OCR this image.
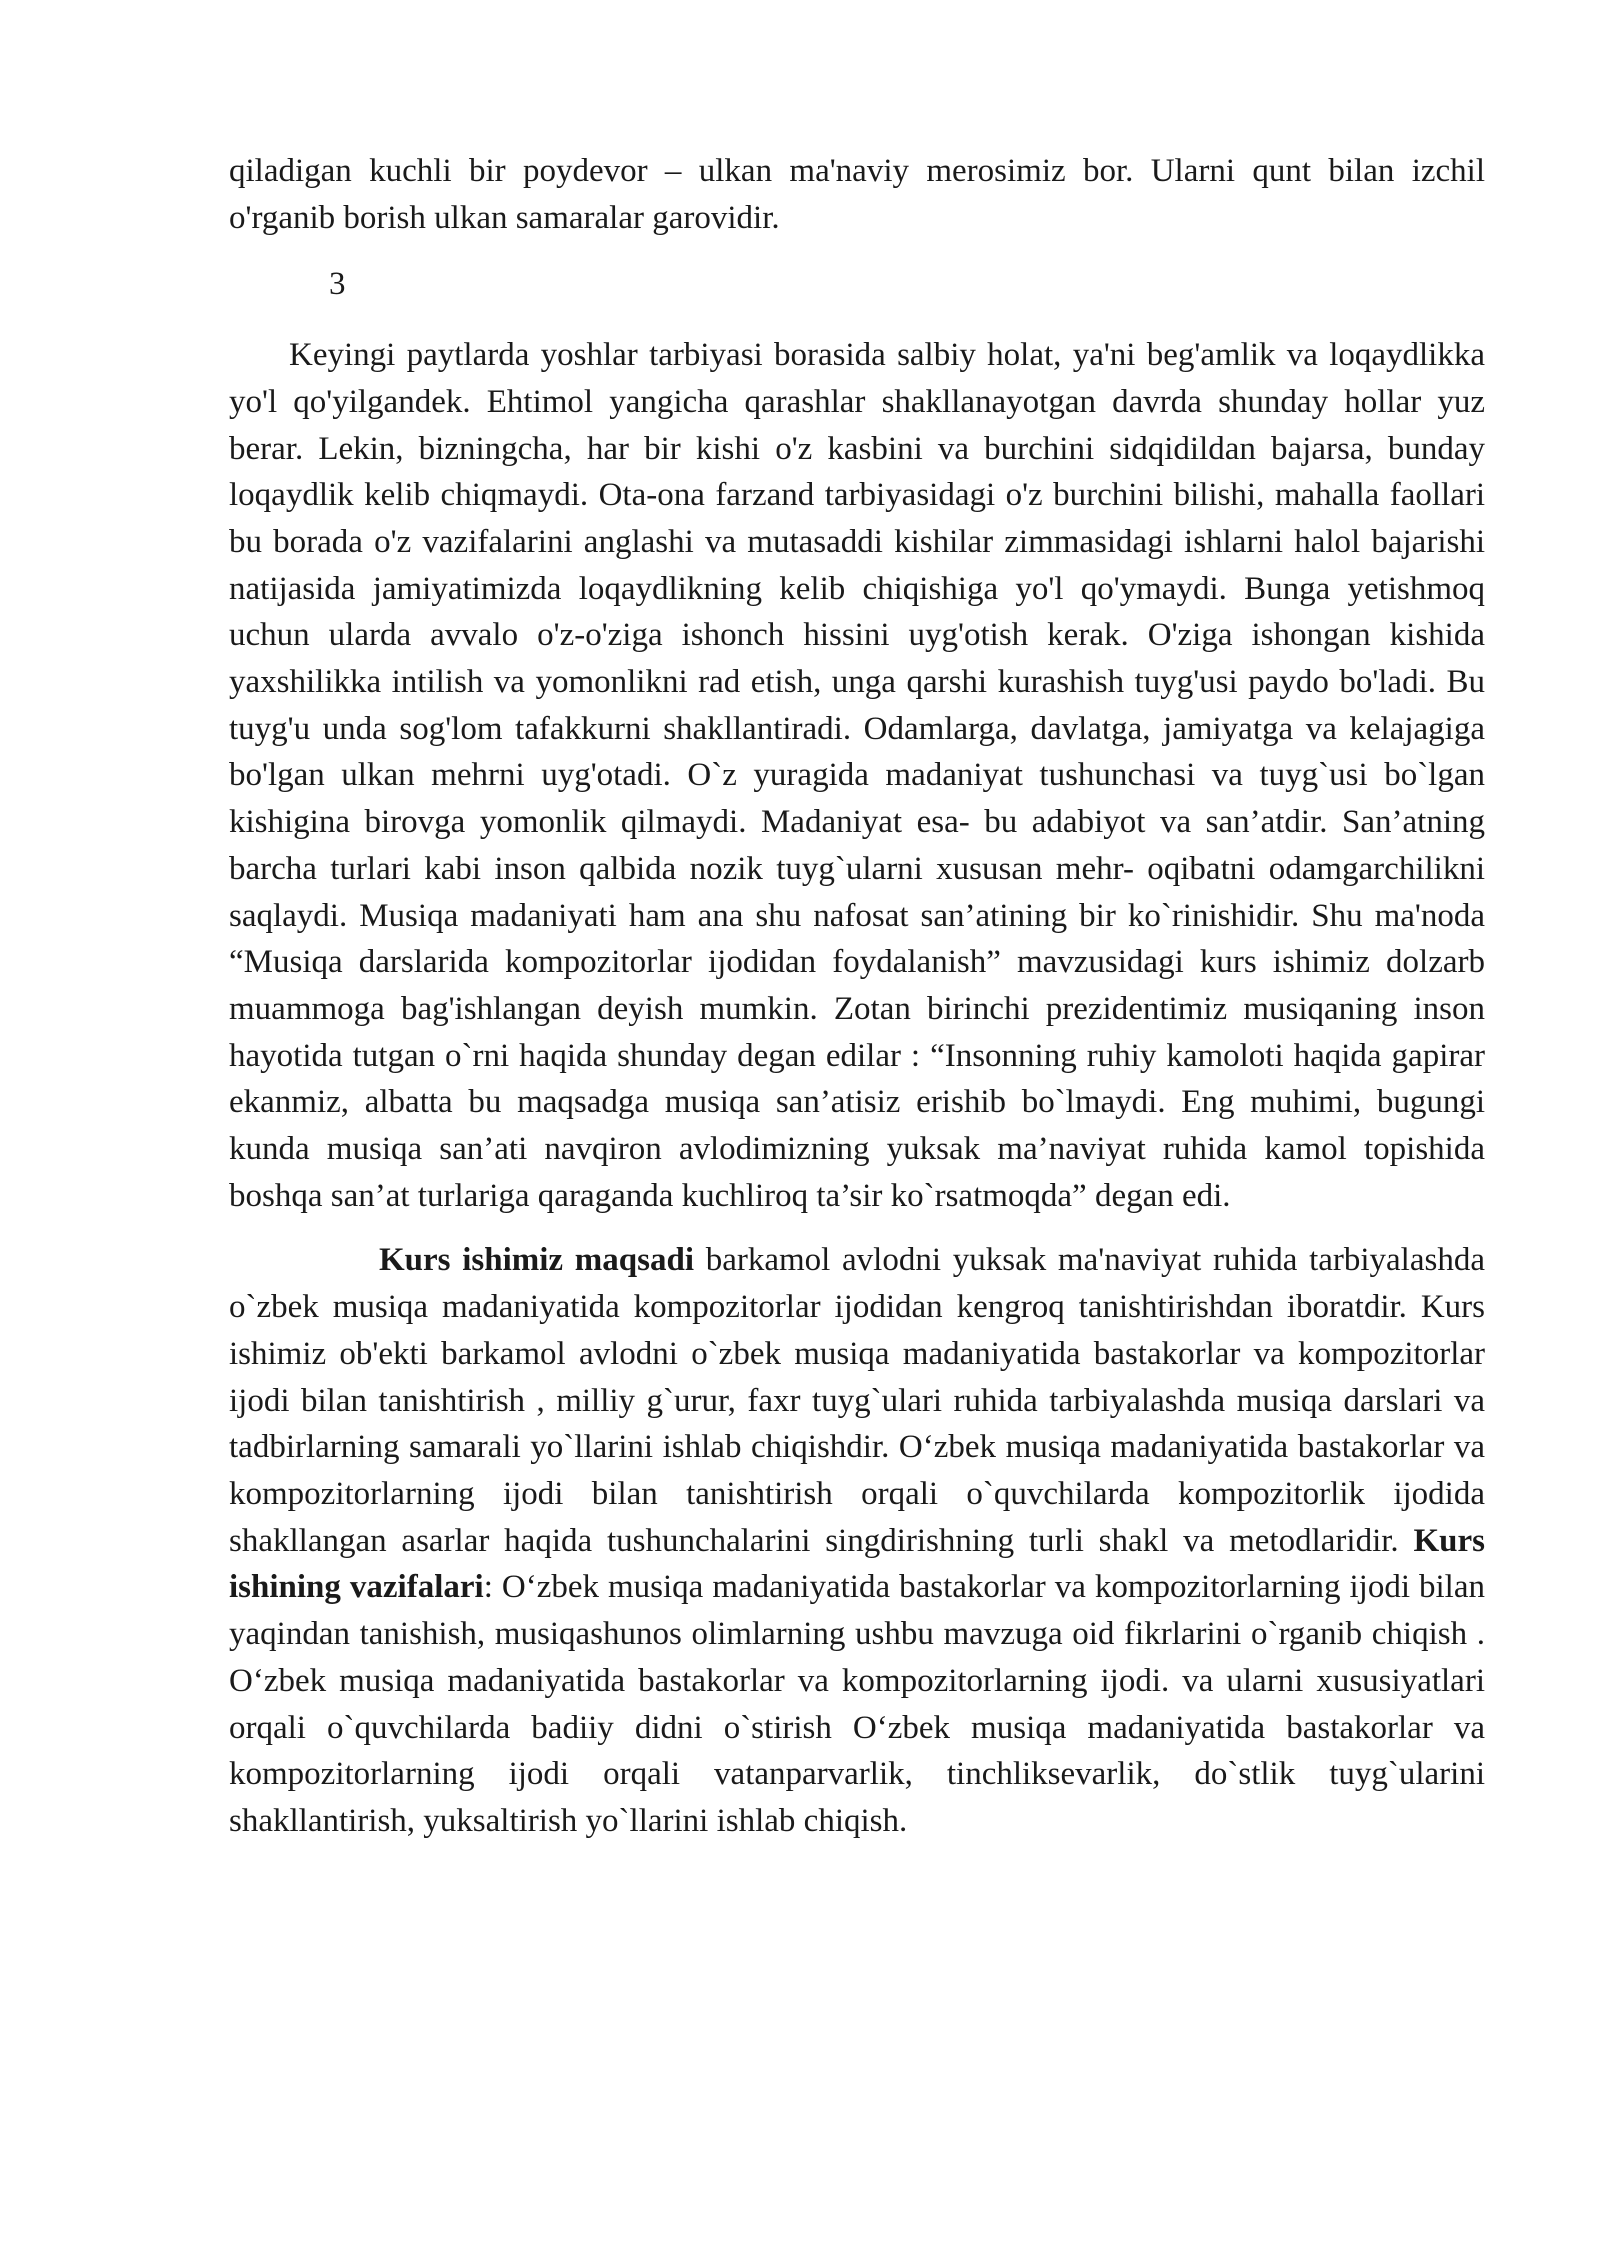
qiladigan kuchli bir poydevor – ulkan ma'naviy merosimiz bor. Ularni qunt bilan izchil o'rganib borish ulkan samaralar garovidir.

3

Keyingi paytlarda yoshlar tarbiyasi borasida salbiy holat, ya'ni beg'amlik va loqaydlikka yo'l qo'yilgandek. Ehtimol yangicha qarashlar shakllanayotgan davrda shunday hollar yuz berar. Lekin, bizningcha, har bir kishi o'z kasbini va burchini sidqidildan bajarsa, bunday loqaydlik kelib chiqmaydi. Ota-ona farzand tarbiyasidagi o'z burchini bilishi, mahalla faollari bu borada o'z vazifalarini anglashi va mutasaddi kishilar zimmasidagi ishlarni halol bajarishi natijasida jamiyatimizda loqaydlikning kelib chiqishiga yo'l qo'ymaydi. Bunga yetishmoq uchun ularda avvalo o'z-o'ziga ishonch hissini uyg'otish kerak. O'ziga ishongan kishida yaxshilikka intilish va yomonlikni rad etish, unga qarshi kurashish tuyg'usi paydo bo'ladi. Bu tuyg'u unda sog'lom tafakkurni shakllantiradi. Odamlarga, davlatga, jamiyatga va kelajagiga bo'lgan ulkan mehrni uyg'otadi. O`z yuragida madaniyat tushunchasi va tuyg`usi bo`lgan kishigina birovga yomonlik qilmaydi. Madaniyat esa- bu adabiyot va san’atdir. San’atning barcha turlari kabi inson qalbida nozik tuyg`ularni xususan mehr- oqibatni odamgarchilikni saqlaydi. Musiqa madaniyati ham ana shu nafosat san’atining bir ko`rinishidir. Shu ma'noda “Musiqa darslarida kompozitorlar ijodidan foydalanish” mavzusidagi kurs ishimiz dolzarb muammoga bag'ishlangan deyish mumkin. Zotan birinchi prezidentimiz musiqaning inson hayotida tutgan o`rni haqida shunday degan edilar : “Insonning ruhiy kamoloti haqida gapirar ekanmiz, albatta bu maqsadga musiqa san’atisiz erishib bo`lmaydi. Eng muhimi, bugungi kunda musiqa san’ati navqiron avlodimizning yuksak ma’naviyat ruhida kamol topishida boshqa san’at turlariga qaraganda kuchliroq ta’sir ko`rsatmoqda” degan edi.

Kurs ishimiz maqsadi barkamol avlodni yuksak ma'naviyat ruhida tarbiyalashda o`zbek musiqa madaniyatida kompozitorlar ijodidan kengroq tanishtirishdan iboratdir. Kurs ishimiz ob'ekti barkamol avlodni o`zbek musiqa madaniyatida bastakorlar va kompozitorlar ijodi bilan tanishtirish , milliy g`urur, faxr tuyg`ulari ruhida tarbiyalashda musiqa darslari va tadbirlarning samarali yo`llarini ishlab chiqishdir. O‘zbek musiqa madaniyatida bastakorlar va kompozitorlarning ijodi bilan tanishtirish orqali o`quvchilarda kompozitorlik ijodida shakllangan asarlar haqida tushunchalarini singdirishning turli shakl va metodlaridir. Kurs ishining vazifalari: O‘zbek musiqa madaniyatida bastakorlar va kompozitorlarning ijodi bilan yaqindan tanishish, musiqashunos olimlarning ushbu mavzuga oid fikrlarini o`rganib chiqish . O‘zbek musiqa madaniyatida bastakorlar va kompozitorlarning ijodi. va ularni xususiyatlari orqali o`quvchilarda badiiy didni o`stirish O‘zbek musiqa madaniyatida bastakorlar va kompozitorlarning ijodi orqali vatanparvarlik, tinchliksevarlik, do`stlik tuyg`ularini shakllantirish, yuksaltirish yo`llarini ishlab chiqish.
